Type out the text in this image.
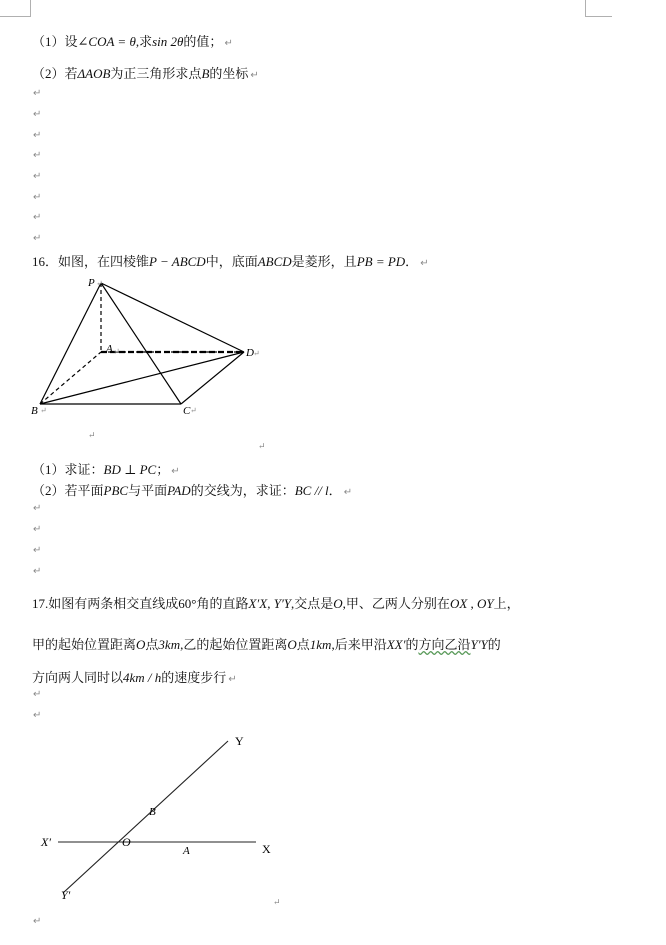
（1）设∠COA = θ,求sin 2θ的值； ↵
（2）若ΔAOB为正三角形求点B的坐标 ↵
↵
↵
↵
↵
↵
↵
↵
↵
16．如图，在四棱锥P − ABCD中，底面ABCD是菱形，且PB = PD． ↵
P
A	D
B	C
↵	↵
↵	↵
↵
↵
↵
（1）求证：BD ⊥ PC； ↵
（2）若平面PBC与平面PAD的交线为，求证：BC // l． ↵
↵
↵
↵
↵
17.如图有两条相交直线成60°角的直路X′X, Y′Y,交点是O,甲、乙两人分别在OX , OY上，
甲的起始位置距离O点3km,乙的起始位置距离O点1km,后来甲沿XX′的方向乙沿Y′Y的
方向两人同时以4km / h的速度步行 ↵
↵
↵
Y
B
X′	O
A	X
Y′	↵
↵
